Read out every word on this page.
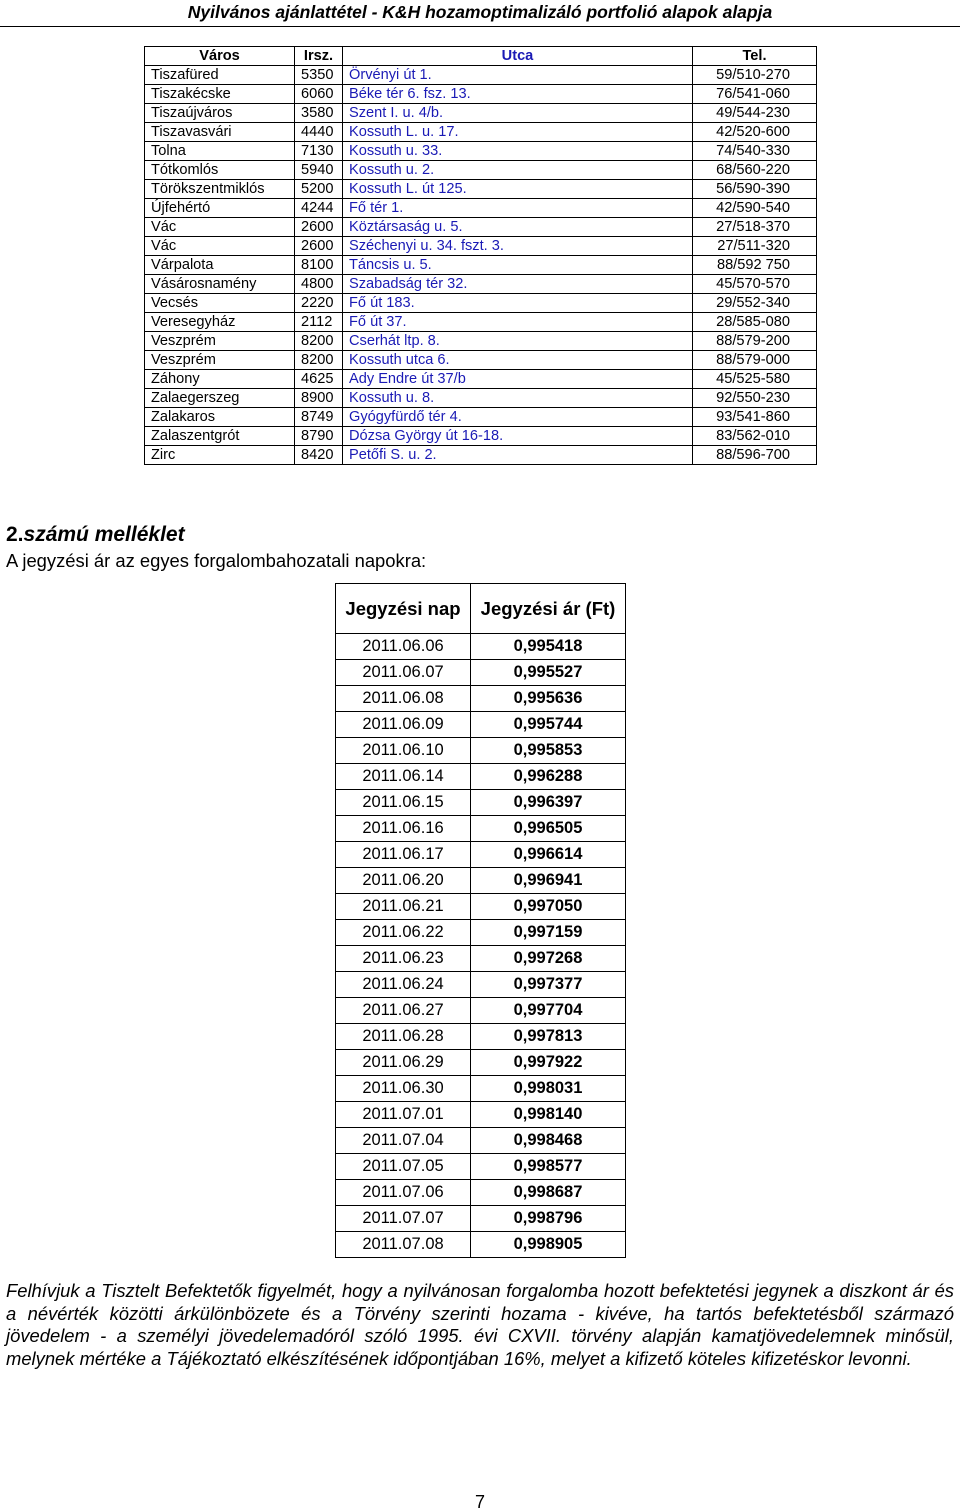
Nyilvános ajánlattétel - K&H hozamoptimalizáló portfolió alapok alapja
Város	Irsz.	Utca	Tel.
Tiszafüred	5350	Örvényi út 1.	59/510-270
Tiszakécske	6060	Béke tér 6. fsz. 13.	76/541-060
Tiszaújváros	3580	Szent I. u. 4/b.	49/544-230
Tiszavasvári	4440	Kossuth L. u. 17.	42/520-600
Tolna	7130	Kossuth u. 33.	74/540-330
Tótkomlós	5940	Kossuth u. 2.	68/560-220
Törökszentmiklós	5200	Kossuth L. út 125.	56/590-390
Újfehértó	4244	Fő tér 1.	42/590-540
Vác	2600	Köztársaság u. 5.	27/518-370
Vác	2600	Széchenyi u. 34. fszt. 3.	27/511-320
Várpalota	8100	Táncsis u. 5.	88/592 750
Vásárosnamény	4800	Szabadság tér 32.	45/570-570
Vecsés	2220	Fő út 183.	29/552-340
Veresegyház	2112	Fő út 37.	28/585-080
Veszprém	8200	Cserhát ltp. 8.	88/579-200
Veszprém	8200	Kossuth utca 6.	88/579-000
Záhony	4625	Ady Endre út 37/b	45/525-580
Zalaegerszeg	8900	Kossuth u. 8.	92/550-230
Zalakaros	8749	Gyógyfürdő tér 4.	93/541-860
Zalaszentgrót	8790	Dózsa György út 16-18.	83/562-010
Zirc	8420	Petőfi S. u. 2.	88/596-700
2.számú melléklet
A jegyzési ár az egyes forgalombahozatali napokra:
Jegyzési nap	Jegyzési ár (Ft)
2011.06.06	0,995418
2011.06.07	0,995527
2011.06.08	0,995636
2011.06.09	0,995744
2011.06.10	0,995853
2011.06.14	0,996288
2011.06.15	0,996397
2011.06.16	0,996505
2011.06.17	0,996614
2011.06.20	0,996941
2011.06.21	0,997050
2011.06.22	0,997159
2011.06.23	0,997268
2011.06.24	0,997377
2011.06.27	0,997704
2011.06.28	0,997813
2011.06.29	0,997922
2011.06.30	0,998031
2011.07.01	0,998140
2011.07.04	0,998468
2011.07.05	0,998577
2011.07.06	0,998687
2011.07.07	0,998796
2011.07.08	0,998905
Felhívjuk a Tisztelt Befektetők figyelmét, hogy a nyilvánosan forgalomba hozott befektetési jegynek a diszkont ár és a névérték közötti árkülönbözete és a Törvény szerinti hozama - kivéve, ha tartós befektetésből származó jövedelem - a személyi jövedelemadóról szóló 1995. évi CXVII. törvény alapján kamatjövedelemnek minősül, melynek mértéke a Tájékoztató elkészítésének időpontjában 16%, melyet a kifizető köteles kifizetéskor levonni.
7
